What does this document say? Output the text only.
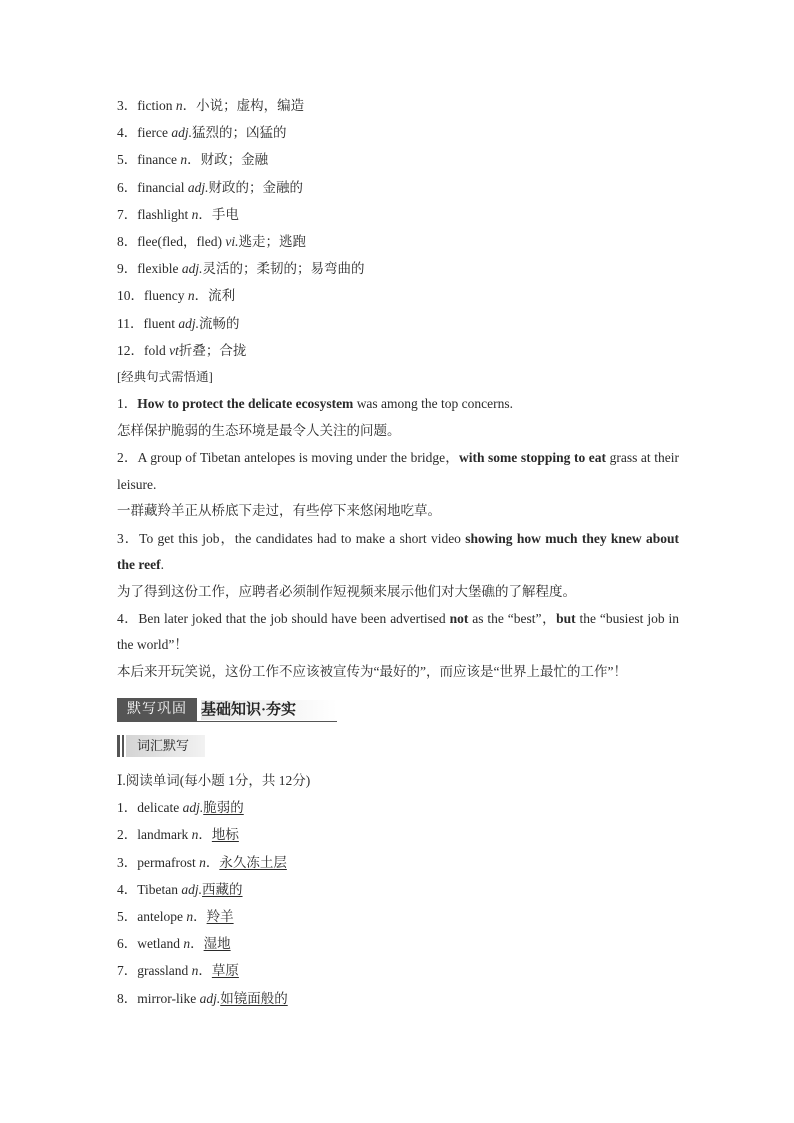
3．fiction n．小说；虚构，编造
4．fierce adj.猛烈的；凶猛的
5．finance n．财政；金融
6．financial adj.财政的；金融的
7．flashlight n．手电
8．flee(fled，fled) vi.逃走；逃跑
9．flexible adj.灵活的；柔韧的；易弯曲的
10．fluency n．流利
11．fluent adj.流畅的
12．fold vt折叠；合拢
[经典句式需悟通]
1．How to protect the delicate ecosystem was among the top concerns.
怎样保护脆弱的生态环境是最令人关注的问题。
2．A group of Tibetan antelopes is moving under the bridge，with some stopping to eat grass at their leisure.
一群藏羚羊正从桥底下走过，有些停下来悠闲地吃草。
3．To get this job，the candidates had to make a short video showing how much they knew about the reef.
为了得到这份工作，应聘者必须制作短视频来展示他们对大堡礁的了解程度。
4．Ben later joked that the job should have been advertised not as the “best”，but the “busiest job in the world”！
本后来开玩笑说，这份工作不应该被宣传为“最好的”，而应该是“世界上最忙的工作”！
默写巩固 基础知识·夯实
词汇默写
Ⅰ.阅读单词(每小题 1分，共 12分)
1．delicate adj.脆弱的
2．landmark n．地标
3．permafrost n．永久冻土层
4．Tibetan adj.西藏的
5．antelope n．羚羊
6．wetland n．湿地
7．grassland n．草原
8．mirror-like adj.如镜面般的
